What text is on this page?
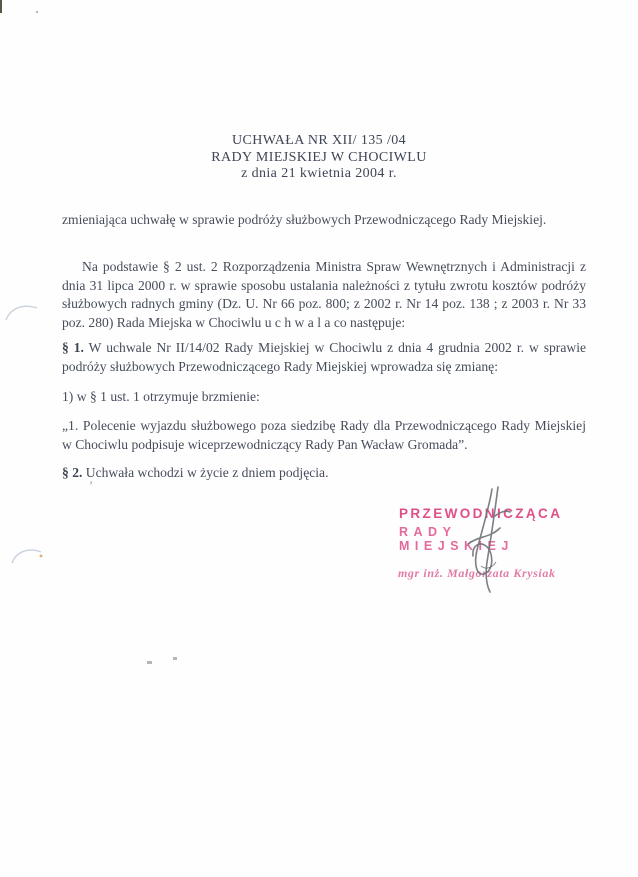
UCHWAŁA NR XII/ 135 /04
RADY MIEJSKIEJ W CHOCIWLU
z dnia 21 kwietnia 2004 r.

zmieniająca uchwałę w sprawie podróży służbowych Przewodniczącego Rady Miejskiej.

Na podstawie § 2 ust. 2 Rozporządzenia Ministra Spraw Wewnętrznych i Administracji z dnia 31 lipca 2000 r. w sprawie sposobu ustalania należności z tytułu zwrotu kosztów podróży służbowych radnych gminy (Dz. U. Nr 66 poz. 800; z 2002 r. Nr 14 poz. 138 ; z 2003 r. Nr 33 poz. 280) Rada Miejska w Chociwlu u c h w a l a co następuje:

§ 1. W uchwale Nr II/14/02 Rady Miejskiej w Chociwlu z dnia 4 grudnia 2002 r. w sprawie podróży służbowych Przewodniczącego Rady Miejskiej wprowadza się zmianę:

1) w § 1 ust. 1 otrzymuje brzmienie:

„1. Polecenie wyjazdu służbowego poza siedzibę Rady dla Przewodniczącego Rady Miejskiej w Chociwlu podpisuje wiceprzewodniczący Rady Pan Wacław Gromada”.

§ 2. Uchwała wchodzi w życie z dniem podjęcia.

’
PRZEWODNICZĄCA
RADY MIEJSKIEJ
mgr inż. Małgorzata Krysiak
